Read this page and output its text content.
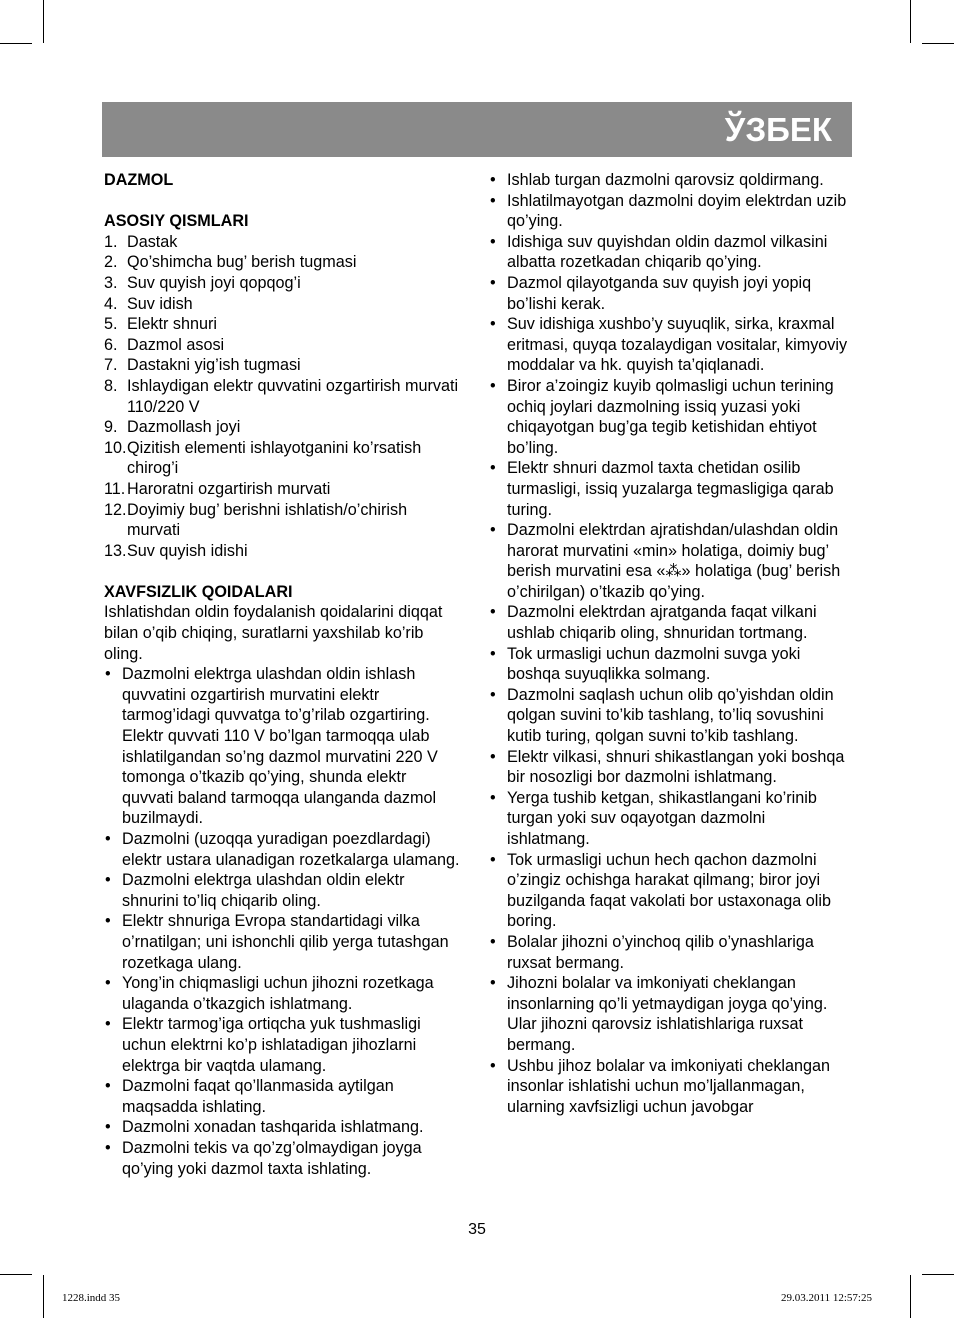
ЎЗБЕК

DAZMOL

ASOSIY QISMLARI

1. Dastak
2. Qo’shimcha bug’ berish tugmasi
3. Suv quyish joyi qopqog’i
4. Suv idish
5. Elektr shnuri
6. Dazmol asosi
7. Dastakni yig’ish tugmasi
8. Ishlaydigan elektr quvvatini ozgartirish murvati 110/220 V
9. Dazmollash joyi
10. Qizitish elementi ishlayotganini ko’rsatish chirog’i
11. Haroratni ozgartirish murvati
12. Doyimiy bug’ berishni ishlatish/o’chirish murvati
13. Suv quyish idishi

XAVFSIZLIK QOIDALARI

Ishlatishdan oldin foydalanish qoidalarini diqqat bilan o’qib chiqing, suratlarni yaxshilab ko’rib oling.

• Dazmolni elektrga ulashdan oldin ishlash quvvatini ozgartirish murvatini elektr tarmog’idagi quvvatga to’g’rilab ozgartiring. Elektr quvvati 110 V bo’lgan tarmoqqa ulab ishlatilgandan so’ng dazmol murvatini 220 V tomonga o’tkazib qo’ying, shunda elektr quvvati baland tarmoqqa ulanganda dazmol buzilmaydi.
• Dazmolni (uzoqqa yuradigan poezdlardagi) elektr ustara ulanadigan rozetkalarga ulamang.
• Dazmolni elektrga ulashdan oldin elektr shnurini to’liq chiqarib oling.
• Elektr shnuriga Evropa standartidagi vilka o’rnatilgan; uni ishonchli qilib yerga tutashgan rozetkaga ulang.
• Yong’in chiqmasligi uchun jihozni rozetkaga ulaganda o’tkazgich ishlatmang.
• Elektr tarmog’iga ortiqcha yuk tushmasligi uchun elektrni ko’p ishlatadigan jihozlarni elektrga bir vaqtda ulamang.
• Dazmolni faqat qo’llanmasida aytilgan maqsadda ishlating.
• Dazmolni xonadan tashqarida ishlatmang.
• Dazmolni tekis va qo’zg’olmaydigan joyga qo’ying yoki dazmol taxta ishlating.
• Ishlab turgan dazmolni qarovsiz qoldirmang.
• Ishlatilmayotgan dazmolni doyim elektrdan uzib qo’ying.
• Idishiga suv quyishdan oldin dazmol vilkasini albatta rozetkadan chiqarib qo’ying.
• Dazmol qilayotganda suv quyish joyi yopiq bo’lishi kerak.
• Suv idishiga xushbo’y suyuqlik, sirka, kraxmal eritmasi, quyqa tozalaydigan vositalar, kimyoviy moddalar va hk. quyish ta’qiqlanadi.
• Biror a’zoingiz kuyib qolmasligi uchun terining ochiq joylari dazmolning issiq yuzasi yoki chiqayotgan bug’ga tegib ketishidan ehtiyot bo’ling.
• Elektr shnuri dazmol taxta chetidan osilib turmasligi, issiq yuzalarga tegmasligiga qarab turing.
• Dazmolni elektrdan ajratishdan/ulashdan oldin harorat murvatini «min» holatiga, doimiy bug’ berish murvatini esa «⁂» holatiga (bug’ berish o’chirilgan) o’tkazib qo’ying.
• Dazmolni elektrdan ajratganda faqat vilkani ushlab chiqarib oling, shnuridan tortmang.
• Tok urmasligi uchun dazmolni suvga yoki boshqa suyuqlikka solmang.
• Dazmolni saqlash uchun olib qo’yishdan oldin qolgan suvini to’kib tashlang, to’liq sovushini kutib turing, qolgan suvni to’kib tashlang.
• Elektr vilkasi, shnuri shikastlangan yoki boshqa bir nosozligi bor dazmolni ishlatmang.
• Yerga tushib ketgan, shikastlangani ko’rinib turgan yoki suv oqayotgan dazmolni ishlatmang.
• Tok urmasligi uchun hech qachon dazmolni o’zingiz ochishga harakat qilmang; biror joyi buzilganda faqat vakolati bor ustaxonaga olib boring.
• Bolalar jihozni o’yinchoq qilib o’ynashlariga ruxsat bermang.
• Jihozni bolalar va imkoniyati cheklangan insonlarning qo’li yetmaydigan joyga qo’ying. Ular jihozni qarovsiz ishlatishlariga ruxsat bermang.
• Ushbu jihoz bolalar va imkoniyati cheklangan insonlar ishlatishi uchun mo’ljallanmagan, ularning xavfsizligi uchun javobgar
35
1228.indd 35	29.03.2011 12:57:25
